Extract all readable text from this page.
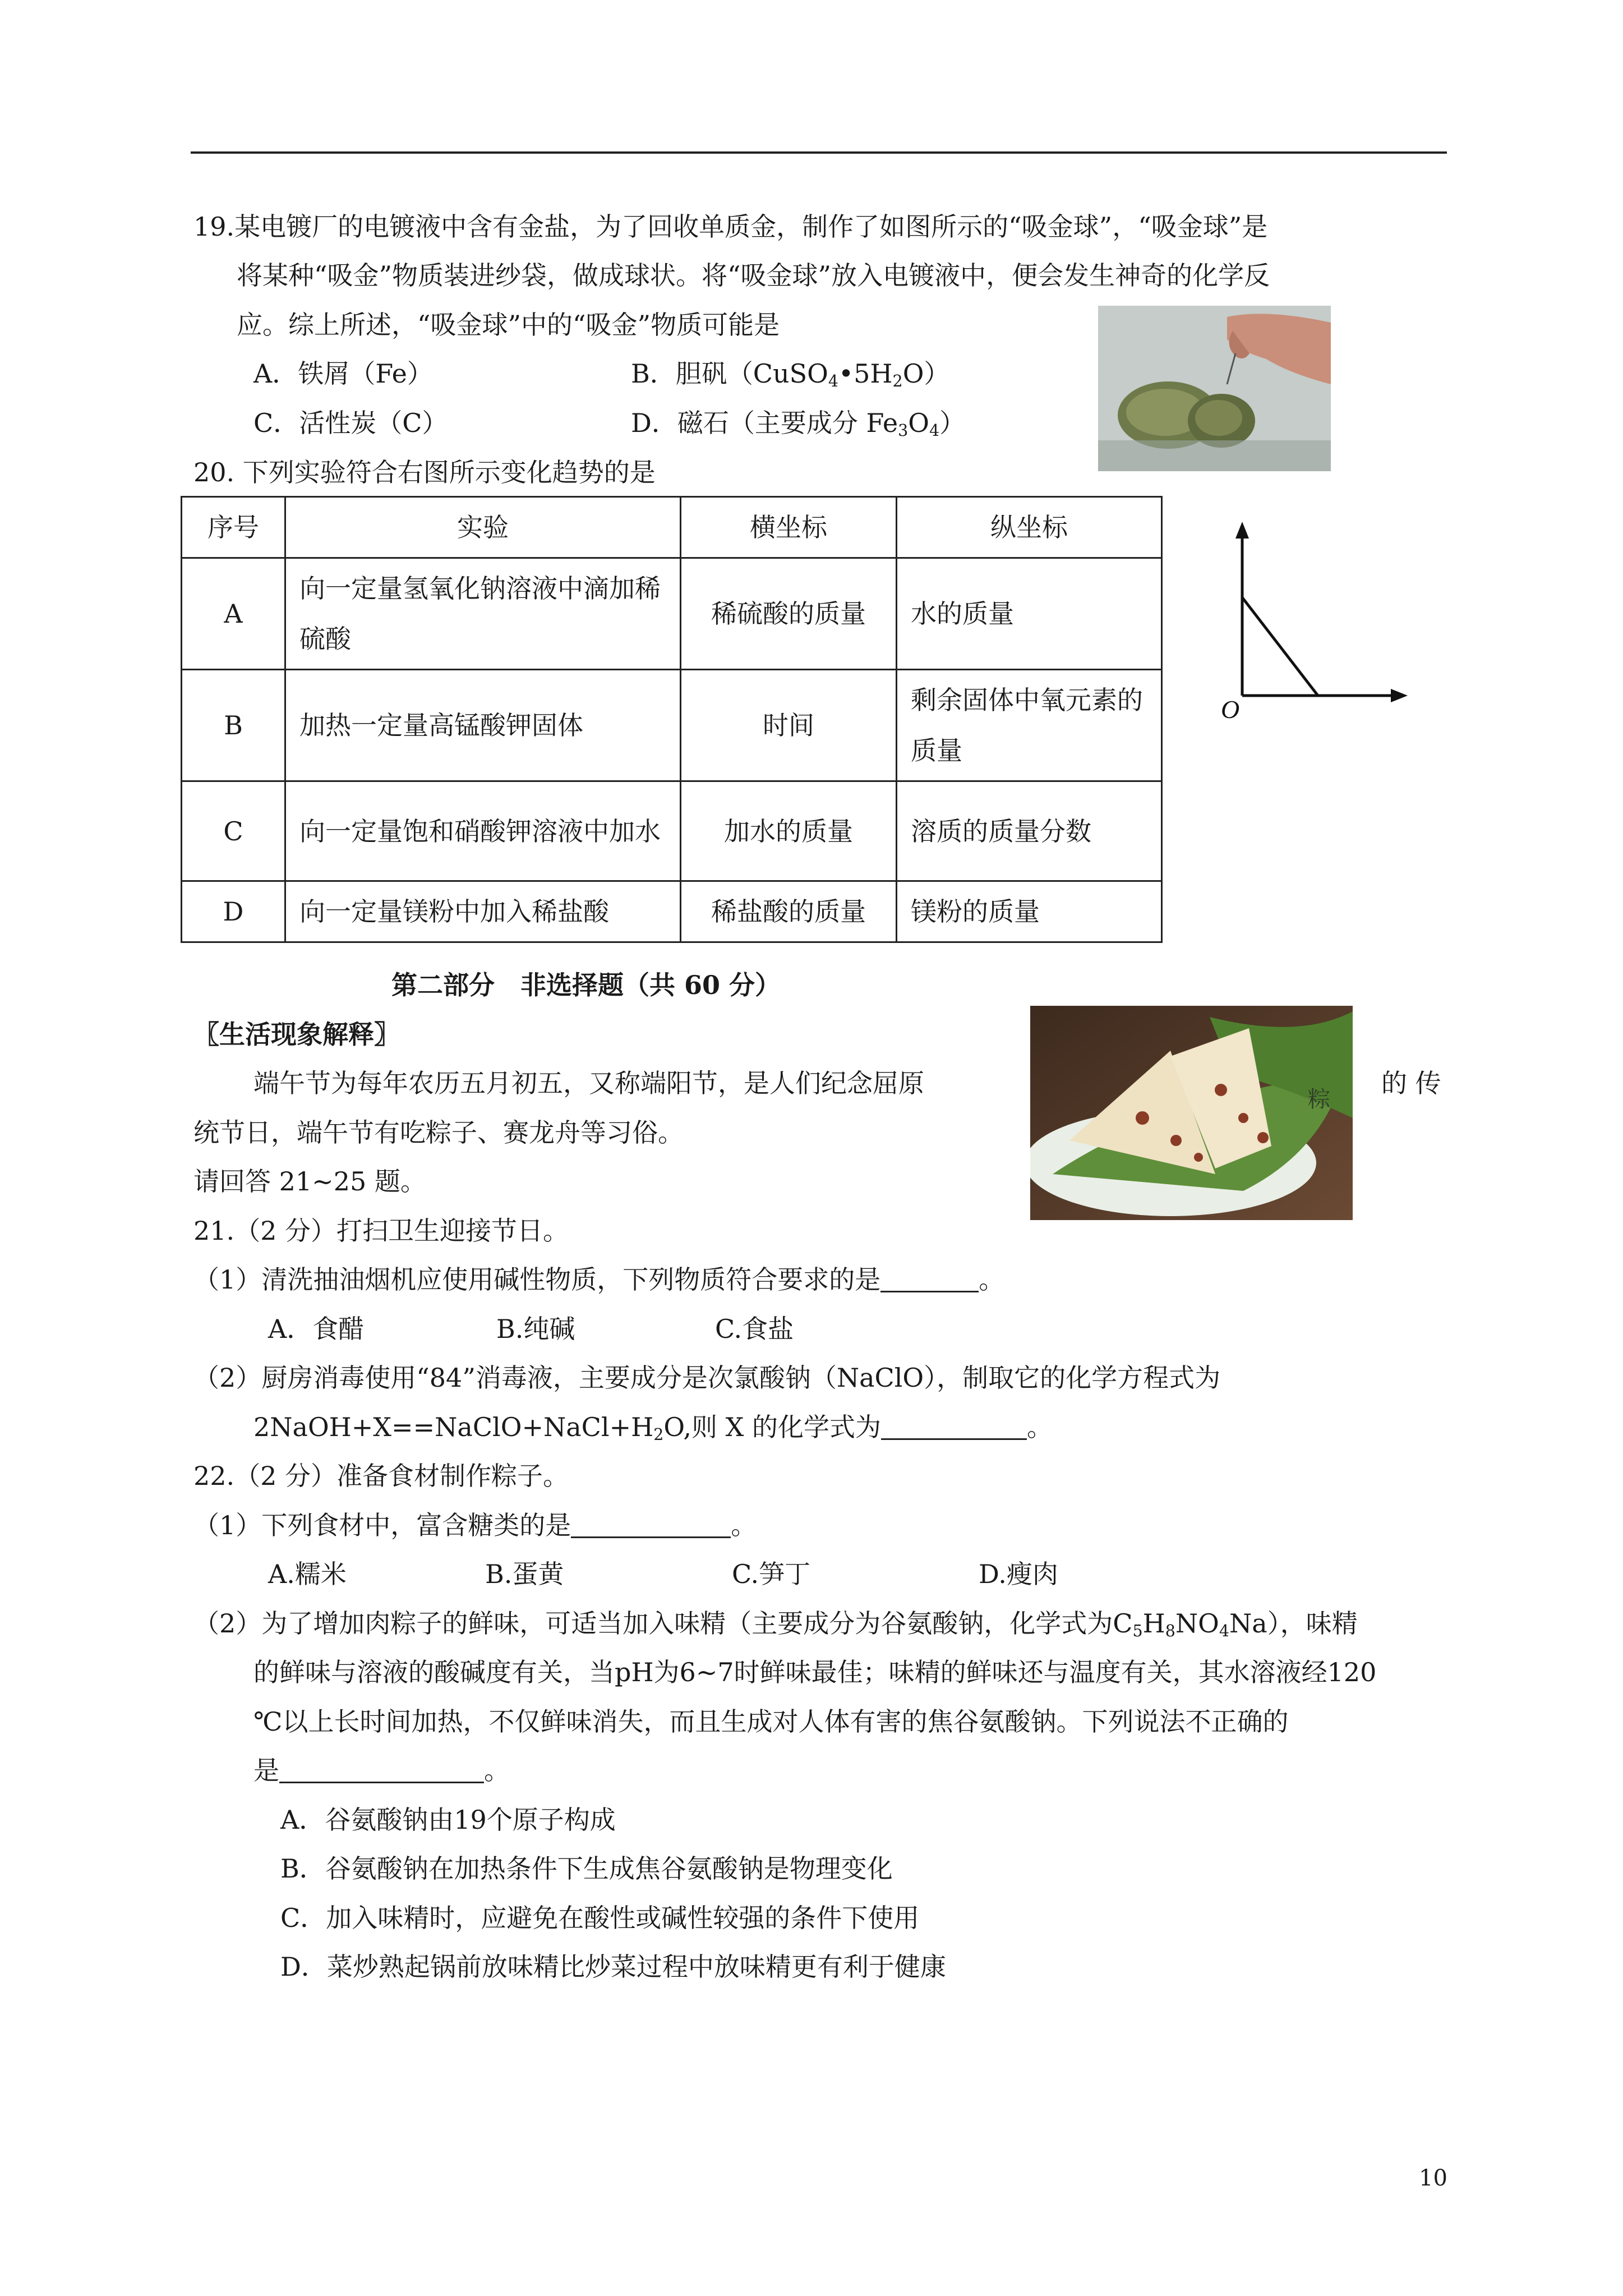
19.某电镀厂的电镀液中含有金盐，为了回收单质金，制作了如图所示的“吸金球”，“吸金球”是
将某种“吸金”物质装进纱袋，做成球状。将“吸金球”放入电镀液中，便会发生神奇的化学反
应。综上所述，“吸金球”中的“吸金”物质可能是
A．铁屑（Fe）	B．胆矾$(CuSO_4•5H_2O)$
C．活性炭（C）	D．磁石（主要成分 $Fe_3O_4$）
20. 下列实验符合右图所示变化趋势的是
序号	实验	横坐标	纵坐标
A	向一定量氢氧化钠溶液中滴加稀硫酸	稀硫酸的质量	水的质量
B	加热一定量高锰酸钾固体	时间	剩余固体中氧元素的质量
C	向一定量饱和硝酸钾溶液中加水	加水的质量	溶质的质量分数
D	向一定量镁粉中加入稀盐酸	稀盐酸的质量	镁粉的质量
O
第二部分　非选择题（共 60 分）
〖生活现象解释〗
端午节为每年农历五月初五，又称端阳节，是人们纪念屈原	的 传
统节日，端午节有吃粽子、赛龙舟等习俗。
请回答 21~25 题。
粽
21.（2 分）打扫卫生迎接节日。
（1）清洗抽油烟机应使用碱性物质，下列物质符合要求的是	。
A．食醋	B.纯碱	C.食盐
（2）厨房消毒使用“84”消毒液，主要成分是次氯酸钠（NaClO），制取它的化学方程式为
$2NaOH+X==NaClO+NaCl+H_2O$,则 X 的化学式为	。
22.（2 分）准备食材制作粽子。
（1）下列食材中，富含糖类的是	。
A.糯米	B.蛋黄	C.笋丁	D.瘦肉
（2）为了增加肉粽子的鲜味，可适当加入味精（主要成分为谷氨酸钠，化学式为$C_5H_8NO_4Na$），味精
的鲜味与溶液的酸碱度有关，当pH为6~7时鲜味最佳；味精的鲜味还与温度有关，其水溶液经120
℃以上长时间加热，不仅鲜味消失，而且生成对人体有害的焦谷氨酸钠。下列说法不正确的
是	。
A．谷氨酸钠由19个原子构成
B．谷氨酸钠在加热条件下生成焦谷氨酸钠是物理变化
C．加入味精时，应避免在酸性或碱性较强的条件下使用
D．菜炒熟起锅前放味精比炒菜过程中放味精更有利于健康
10
